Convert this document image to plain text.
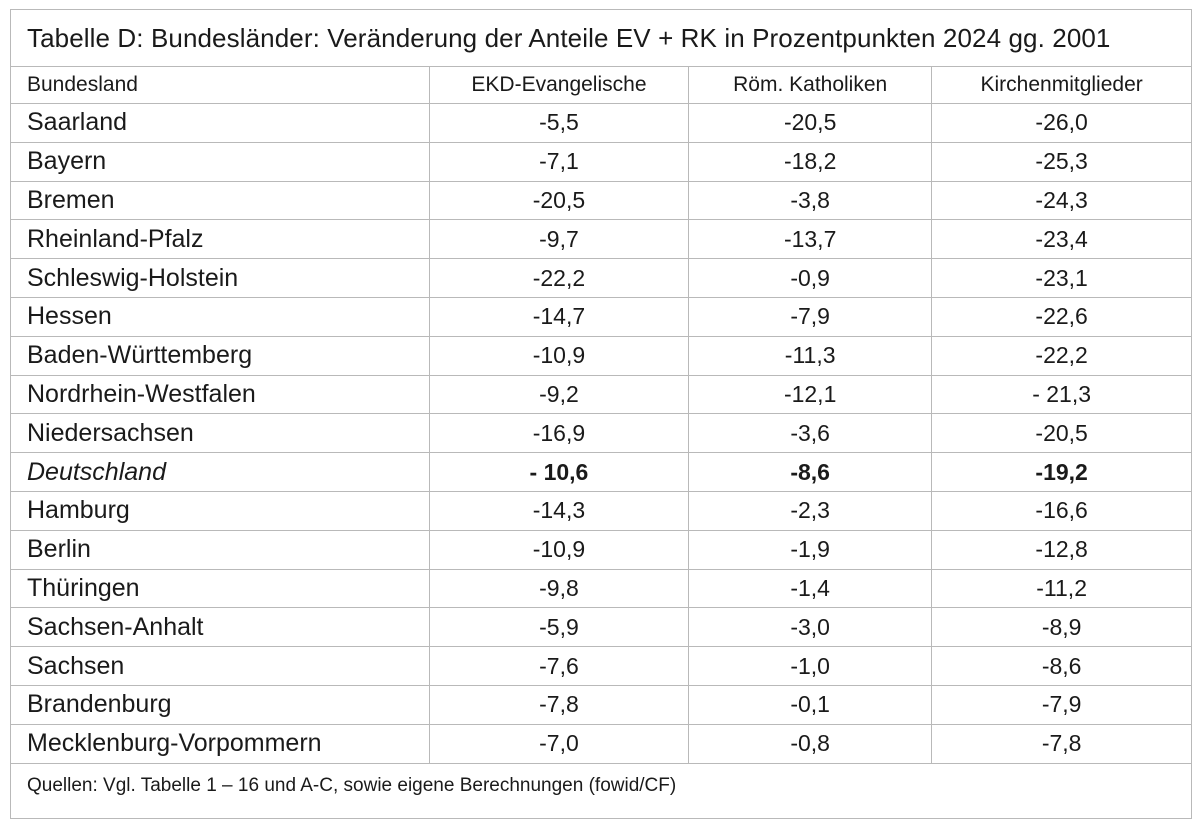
Tabelle D: Bundesländer: Veränderung der Anteile EV + RK in Prozentpunkten 2024 gg. 2001			
Bundesland	EKD-Evangelische	Röm. Katholiken	Kirchenmitglieder
Saarland	-5,5	-20,5	-26,0
Bayern	-7,1	-18,2	-25,3
Bremen	-20,5	-3,8	-24,3
Rheinland-Pfalz	-9,7	-13,7	-23,4
Schleswig-Holstein	-22,2	-0,9	-23,1
Hessen	-14,7	-7,9	-22,6
Baden-Württemberg	-10,9	-11,3	-22,2
Nordrhein-Westfalen	-9,2	-12,1	- 21,3
Niedersachsen	-16,9	-3,6	-20,5
Deutschland	- 10,6	-8,6	-19,2
Hamburg	-14,3	-2,3	-16,6
Berlin	-10,9	-1,9	-12,8
Thüringen	-9,8	-1,4	-11,2
Sachsen-Anhalt	-5,9	-3,0	-8,9
Sachsen	-7,6	-1,0	-8,6
Brandenburg	-7,8	-0,1	-7,9
Mecklenburg-Vorpommern	-7,0	-0,8	-7,8
Quellen: Vgl. Tabelle 1 – 16 und A-C, sowie eigene Berechnungen (fowid/CF)			
